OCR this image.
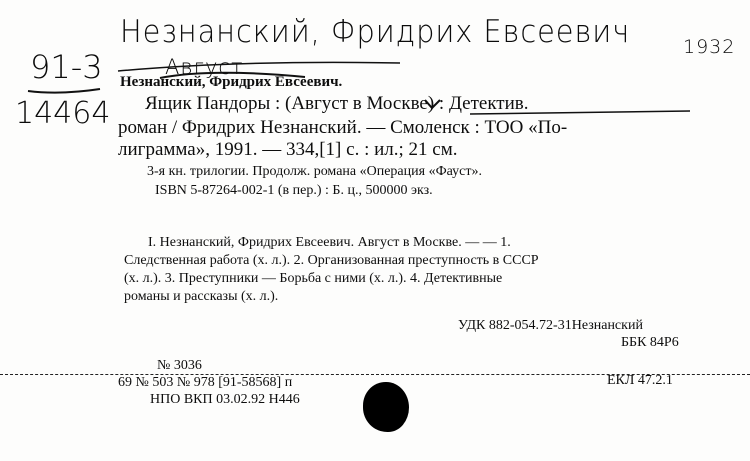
Незнанский, Фридрих Евсеевич	1932
91-3
14464
Август
Незнанский, Фридрих Евсеевич.
Ящик Пандоры : (Август в Москве) : Детектив.
роман / Фридрих Незнанский. — Смоленск : ТОО «По-
лиграмма», 1991. — 334,[1] с. : ил.; 21 см.
3-я кн. трилогии. Продолж. романа «Операция «Фауст».
ISBN 5-87264-002-1 (в пер.) : Б. ц., 500000 экз.
I. Незнанский, Фридрих Евсеевич. Август в Москве. — — 1.
Следственная работа (х. л.). 2. Организованная преступность в СССР
(х. л.). 3. Преступники — Борьба с ними (х. л.). 4. Детективные
романы и рассказы (х. л.).
УДК 882-054.72-31Незнанский
ББК 84Р6
№ 3036
69 № 503 № 978 [91-58568] п	ЕКЛ 47.2.1
НПО ВКП 03.02.92 Н446
